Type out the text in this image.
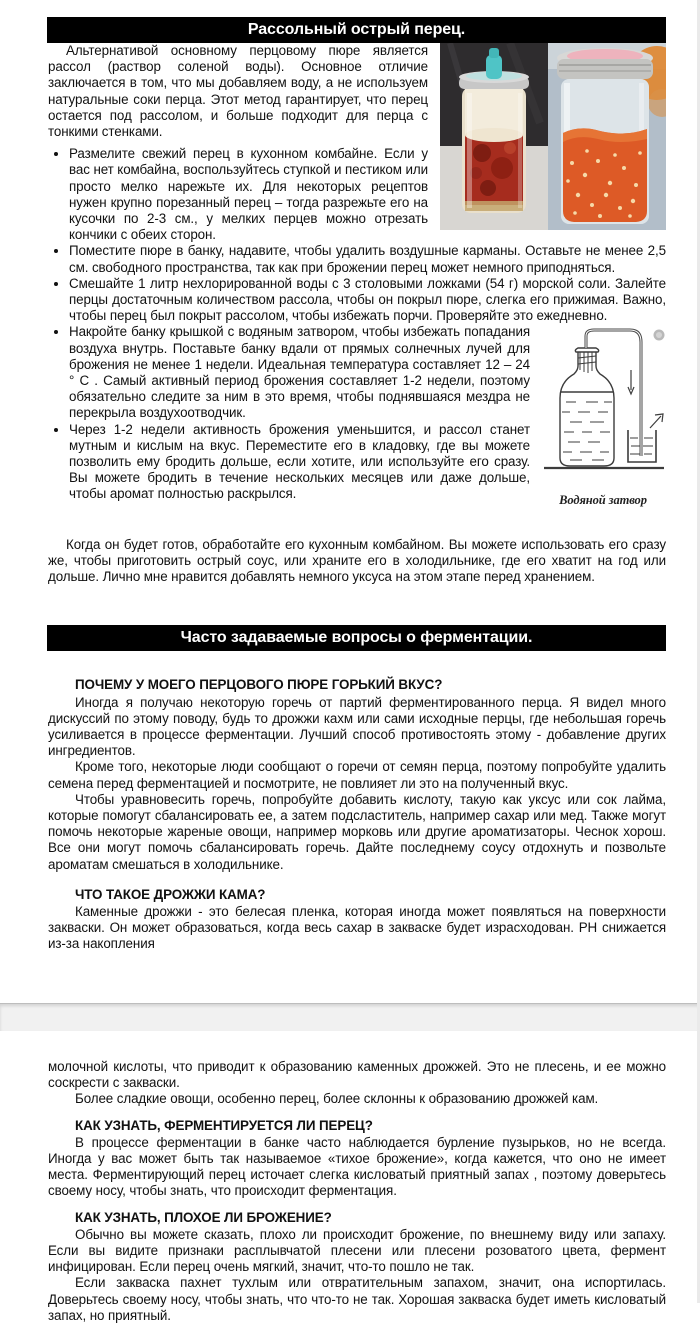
Рассольный острый перец.

Альтернативой основному перцовому пюре является рассол (раствор соленой воды). Основное отличие заключается в том, что мы добавляем воду, а не используем натуральные соки перца. Этот метод гарантирует, что перец остается под рассолом, и больше подходит для перца с тонкими стенками.

• Размелите свежий перец в кухонном комбайне. Если у вас нет комбайна, воспользуйтесь ступкой и пестиком или просто мелко нарежьте их. Для некоторых рецептов нужен крупно порезанный перец – тогда разрежьте его на кусочки по 2-3 см., у мелких перцев можно отрезать кончики с обеих сторон.
• Поместите пюре в банку, надавите, чтобы удалить воздушные карманы. Оставьте не менее 2,5 см. свободного пространства, так как при брожении перец может немного приподняться.
• Смешайте 1 литр нехлорированной воды с 3 столовыми ложками (54 г) морской соли. Залейте перцы достаточным количеством рассола, чтобы он покрыл пюре, слегка его прижимая. Важно, чтобы перец был покрыт рассолом, чтобы избежать порчи. Проверяйте это ежедневно.
• Водяной затвор
Накройте банку крышкой с водяным затвором, чтобы избежать попадания воздуха внутрь. Поставьте банку вдали от прямых солнечных лучей для брожения не менее 1 недели. Идеальная температура составляет 12 – 24 ° С . Самый активный период брожения составляет 1-2 недели, поэтому обязательно следите за ним в это время, чтобы поднявшаяся мездра не перекрыла воздухоотводчик.
• Через 1-2 недели активность брожения уменьшится, и рассол станет мутным и кислым на вкус. Переместите его в кладовку, где вы можете позволить ему бродить дольше, если хотите, или используйте его сразу. Вы можете бродить в течение нескольких месяцев или даже дольше, чтобы аромат полностью раскрылся.

Когда он будет готов, обработайте его кухонным комбайном. Вы можете использовать его сразу же, чтобы приготовить острый соус, или храните его в холодильнике, где его хватит на год или дольше. Лично мне нравится добавлять немного уксуса на этом этапе перед хранением.

Часто задаваемые вопросы о ферментации.
ПОЧЕМУ У МОЕГО ПЕРЦОВОГО ПЮРЕ ГОРЬКИЙ ВКУС?

Иногда я получаю некоторую горечь от партий ферментированного перца. Я видел много дискуссий по этому поводу, будь то дрожжи кахм или сами исходные перцы, где небольшая горечь усиливается в процессе ферментации. Лучший способ противостоять этому - добавление других ингредиентов.

Кроме того, некоторые люди сообщают о горечи от семян перца, поэтому попробуйте удалить семена перед ферментацией и посмотрите, не повлияет ли это на полученный вкус.

Чтобы уравновесить горечь, попробуйте добавить кислоту, такую как уксус или сок лайма, которые помогут сбалансировать ее, а затем подсластитель, например сахар или мед. Также могут помочь некоторые жареные овощи, например морковь или другие ароматизаторы. Чеснок хорош. Все они могут помочь сбалансировать горечь. Дайте последнему соусу отдохнуть и позвольте ароматам смешаться в холодильнике.

ЧТО ТАКОЕ ДРОЖЖИ КАМА?

Каменные дрожжи - это белесая пленка, которая иногда может появляться на поверхности закваски. Он может образоваться, когда весь сахар в закваске будет израсходован. РН снижается из-за накопления

молочной кислоты, что приводит к образованию каменных дрожжей. Это не плесень, и ее можно соскрести с закваски.

Более сладкие овощи, особенно перец, более склонны к образованию дрожжей кам.

КАК УЗНАТЬ, ФЕРМЕНТИРУЕТСЯ ЛИ ПЕРЕЦ?

В процессе ферментации в банке часто наблюдается бурление пузырьков, но не всегда. Иногда у вас может быть так называемое «тихое брожение», когда кажется, что оно не имеет места. Ферментирующий перец источает слегка кисловатый приятный запах , поэтому доверьтесь своему носу, чтобы знать, что происходит ферментация.

КАК УЗНАТЬ, ПЛОХОЕ ЛИ БРОЖЕНИЕ?

Обычно вы можете сказать, плохо ли происходит брожение, по внешнему виду или запаху. Если вы видите признаки расплывчатой плесени или плесени розоватого цвета, фермент инфицирован. Если перец очень мягкий, значит, что-то пошло не так.

Если закваска пахнет тухлым или отвратительным запахом, значит, она испортилась. Доверьтесь своему носу, чтобы знать, что что-то не так. Хорошая закваска будет иметь кисловатый запах, но приятный.
